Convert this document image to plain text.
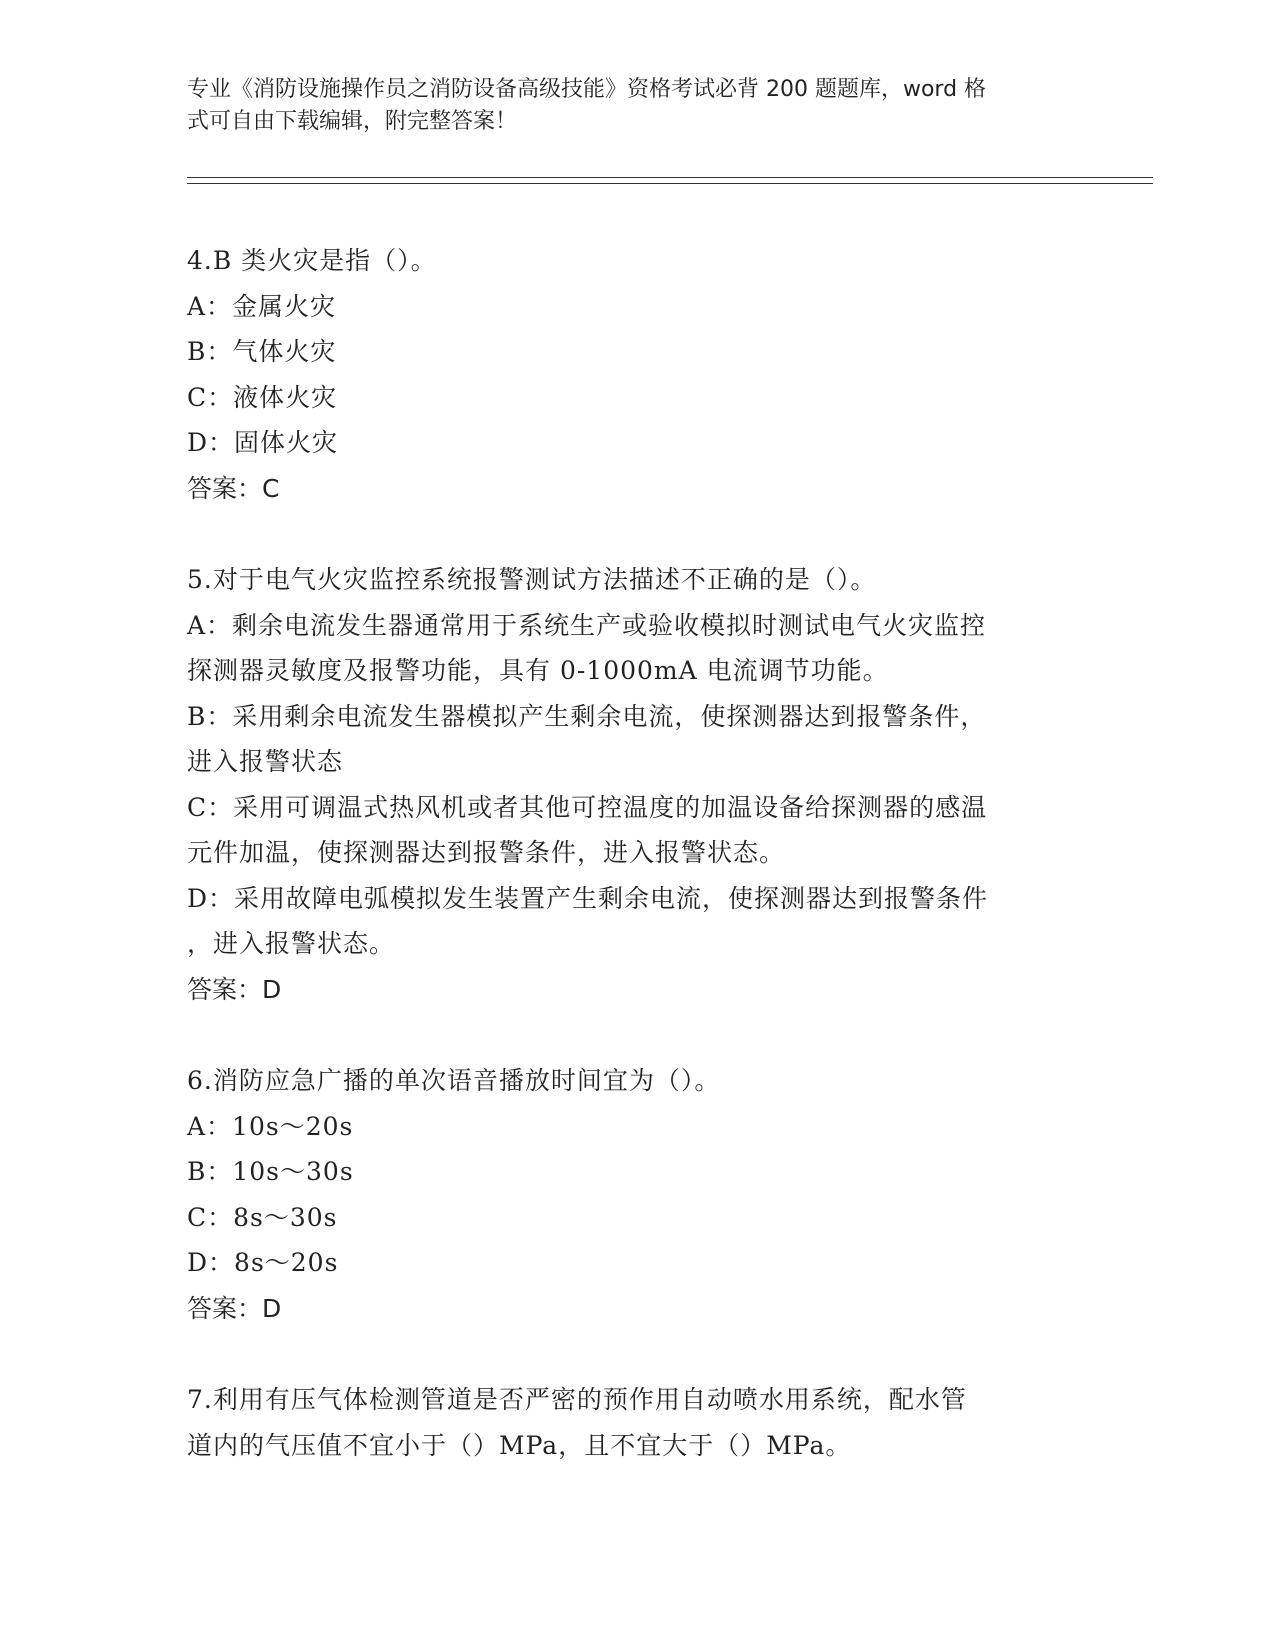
专业《消防设施操作员之消防设备高级技能》资格考试必背 200 题题库，word 格
式可自由下载编辑，附完整答案！

4.B 类火灾是指（）。

A：金属火灾

B：气体火灾

C：液体火灾

D：固体火灾

答案：C

5.对于电气火灾监控系统报警测试方法描述不正确的是（）。

A：剩余电流发生器通常用于系统生产或验收模拟时测试电气火灾监控

探测器灵敏度及报警功能，具有 0-1000mA 电流调节功能。

B：采用剩余电流发生器模拟产生剩余电流，使探测器达到报警条件，

进入报警状态

C：采用可调温式热风机或者其他可控温度的加温设备给探测器的感温

元件加温，使探测器达到报警条件，进入报警状态。

D：采用故障电弧模拟发生装置产生剩余电流，使探测器达到报警条件

，进入报警状态。

答案：D

6.消防应急广播的单次语音播放时间宜为（）。

A：10s～20s

B：10s～30s

C：8s～30s

D：8s～20s

答案：D

7.利用有压气体检测管道是否严密的预作用自动喷水用系统，配水管

道内的气压值不宜小于（）MPa，且不宜大于（）MPa。
